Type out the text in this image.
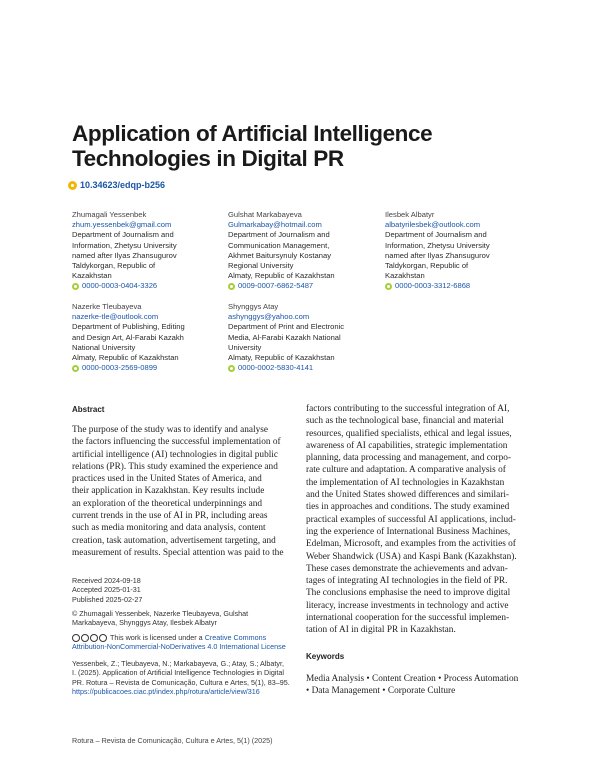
Application of Artificial Intelligence
Technologies in Digital PR
10.34623/edqp-b256
Zhumagali Yessenbek
zhum.yessenbek@gmail.com
Department of Journalism and
Information, Zhetysu University
named after Ilyas Zhansugurov
Taldykorgan, Republic of
Kazakhstan
0000-0003-0404-3326
Gulshat Markabayeva
Gulmarkabay@hotmail.com
Department of Journalism and
Communication Management,
Akhmet Baitursynuly Kostanay
Regional University
Almaty, Republic of Kazakhstan
0009-0007-6862-5487
Ilesbek Albatyr
albatyrilesbek@outlook.com
Department of Journalism and
Information, Zhetysu University
named after Ilyas Zhansugurov
Taldykorgan, Republic of
Kazakhstan
0000-0003-3312-6868
Nazerke Tleubayeva
nazerke-tle@outlook.com
Department of Publishing, Editing
and Design Art, Al-Farabi Kazakh
National University
Almaty, Republic of Kazakhstan
0000-0003-2569-0899
Shynggys Atay
ashynggys@yahoo.com
Department of Print and Electronic
Media, Al-Farabi Kazakh National
University
Almaty, Republic of Kazakhstan
0000-0002-5830-4141
Abstract
The purpose of the study was to identify and analyse
the factors influencing the successful implementation of
artificial intelligence (AI) technologies in digital public
relations (PR). This study examined the experience and
practices used in the United States of America, and
their application in Kazakhstan. Key results include
an exploration of the theoretical underpinnings and
current trends in the use of AI in PR, including areas
such as media monitoring and data analysis, content
creation, task automation, advertisement targeting, and
measurement of results. Special attention was paid to the
factors contributing to the successful integration of AI,
such as the technological base, financial and material
resources, qualified specialists, ethical and legal issues,
awareness of AI capabilities, strategic implementation
planning, data processing and management, and corpo-
rate culture and adaptation. A comparative analysis of
the implementation of AI technologies in Kazakhstan
and the United States showed differences and similari-
ties in approaches and conditions. The study examined
practical examples of successful AI applications, includ-
ing the experience of International Business Machines,
Edelman, Microsoft, and examples from the activities of
Weber Shandwick (USA) and Kaspi Bank (Kazakhstan).
These cases demonstrate the achievements and advan-
tages of integrating AI technologies in the field of PR.
The conclusions emphasise the need to improve digital
literacy, increase investments in technology and active
international cooperation for the successful implemen-
tation of AI in digital PR in Kazakhstan.
Received 2024-09-18
Accepted 2025-01-31
Published 2025-02-27
© Zhumagali Yessenbek, Nazerke Tleubayeva, Gulshat
Markabayeva, Shynggys Atay, Ilesbek Albatyr
This work is licensed under a Creative Commons
Attribution-NonCommercial-NoDerivatives 4.0 International License
Yessenbek, Z.; Tleubayeva, N.; Markabayeva, G.; Atay, S.; Albatyr,
I. (2025). Application of Artificial Intelligence Technologies in Digital
PR. Rotura – Revista de Comunicação, Cultura e Artes, 5(1), 83–95.
https://publicacoes.ciac.pt/index.php/rotura/article/view/316
Keywords
Media Analysis • Content Creation • Process Automation
• Data Management • Corporate Culture
Rotura – Revista de Comunicação, Cultura e Artes, 5(1) (2025)
